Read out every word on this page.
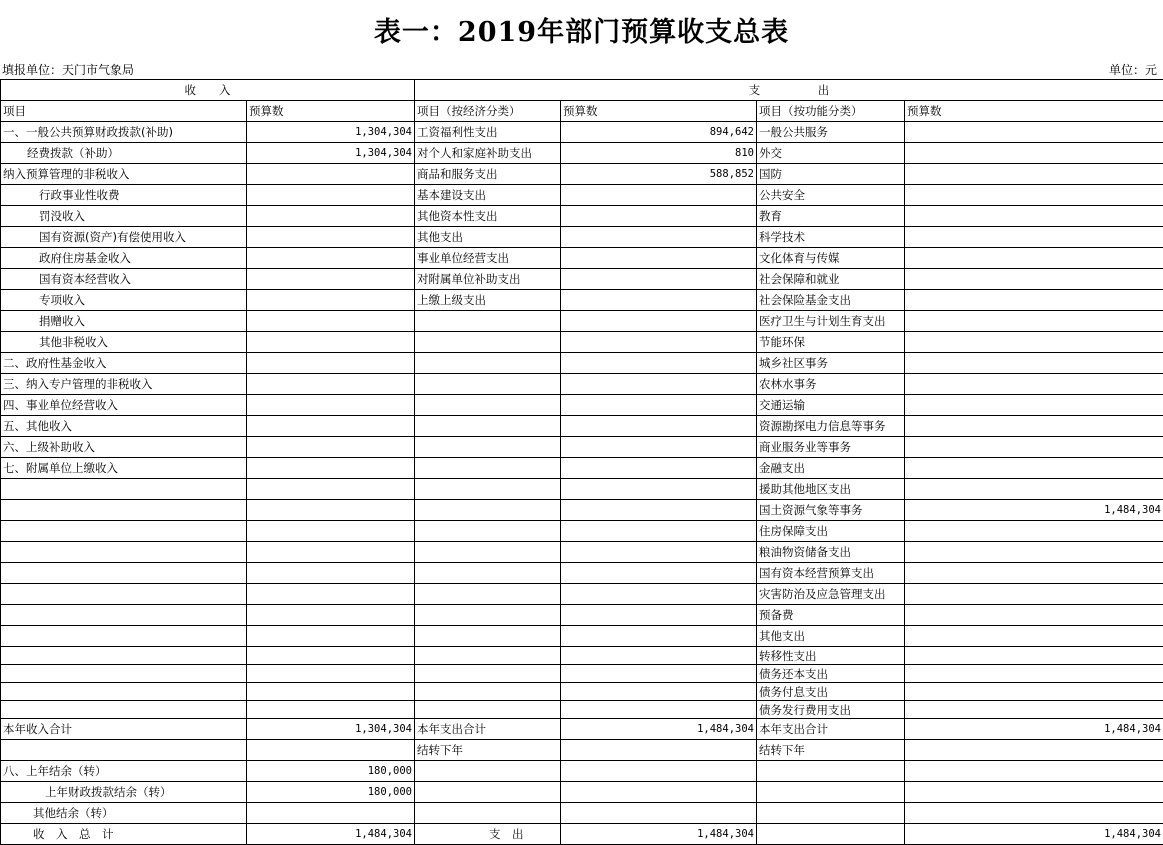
表一：2019年部门预算收支总表
填报单位：天门市气象局	单位：元
收　　入		支　　　　　出			
项目	预算数	项目（按经济分类）	预算数	项目（按功能分类）	预算数
一、一般公共预算财政拨款(补助)	1,304,304	工资福利性支出	894,642	一般公共服务	
经费拨款（补助）	1,304,304	对个人和家庭补助支出	810	外交	
纳入预算管理的非税收入		商品和服务支出	588,852	国防	
行政事业性收费		基本建设支出		公共安全	
罚没收入		其他资本性支出		教育	
国有资源(资产)有偿使用收入		其他支出		科学技术	
政府住房基金收入		事业单位经营支出		文化体育与传媒	
国有资本经营收入		对附属单位补助支出		社会保障和就业	
专项收入		上缴上级支出		社会保险基金支出	
捐赠收入				医疗卫生与计划生育支出	
其他非税收入				节能环保	
二、政府性基金收入				城乡社区事务	
三、纳入专户管理的非税收入				农林水事务	
四、事业单位经营收入				交通运输	
五、其他收入				资源勘探电力信息等事务	
六、上级补助收入				商业服务业等事务	
七、附属单位上缴收入				金融支出	
				援助其他地区支出	
				国土资源气象等事务	1,484,304
				住房保障支出	
				粮油物资储备支出	
				国有资本经营预算支出	
				灾害防治及应急管理支出	
				预备费	
				其他支出	
				转移性支出	
				债务还本支出	
				债务付息支出	
				债务发行费用支出	
本年收入合计	1,304,304	本年支出合计	1,484,304	本年支出合计	1,484,304
		结转下年		结转下年	
八、上年结余（转）	180,000				
上年财政拨款结余（转）	180,000				
其他结余（转）					
收　入　总　计	1,484,304	支　出	1,484,304		1,484,304
